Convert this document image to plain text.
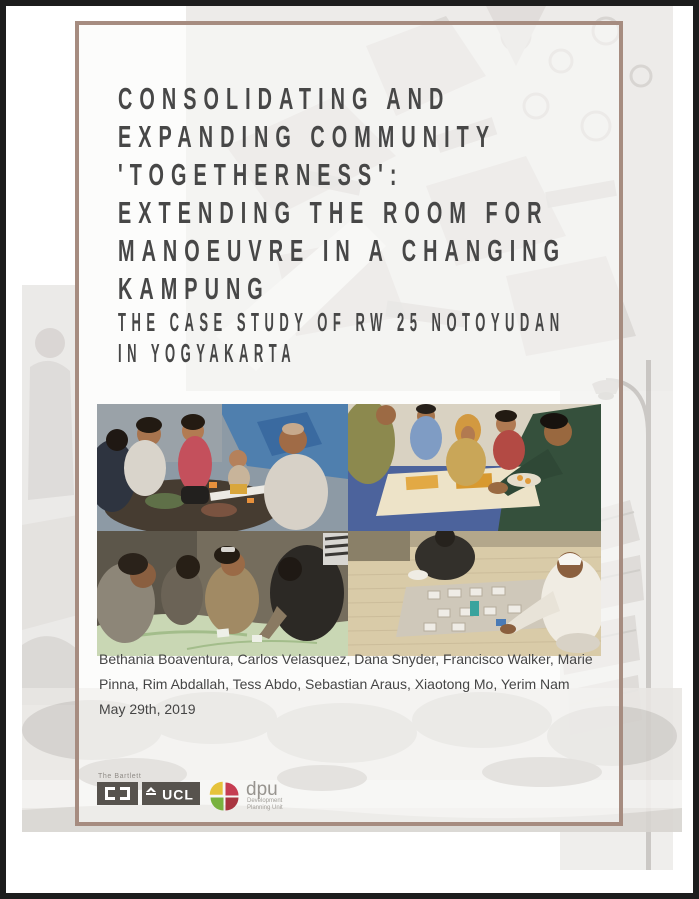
CONSOLIDATING AND
EXPANDING COMMUNITY
'TOGETHERNESS':
EXTENDING THE ROOM FOR
MANOEUVRE IN A CHANGING
KAMPUNG
THE CASE STUDY OF RW 25 NOTOYUDAN
IN YOGYAKARTA
Bethania Boaventura, Carlos Velasquez, Dana Snyder, Francisco Walker, Marie
Pinna, Rim Abdallah, Tess Abdo, Sebastian Araus, Xiaotong Mo, Yerim Nam
May 29th, 2019
The Bartlett
UCL	dpu
Development
Planning Unit
